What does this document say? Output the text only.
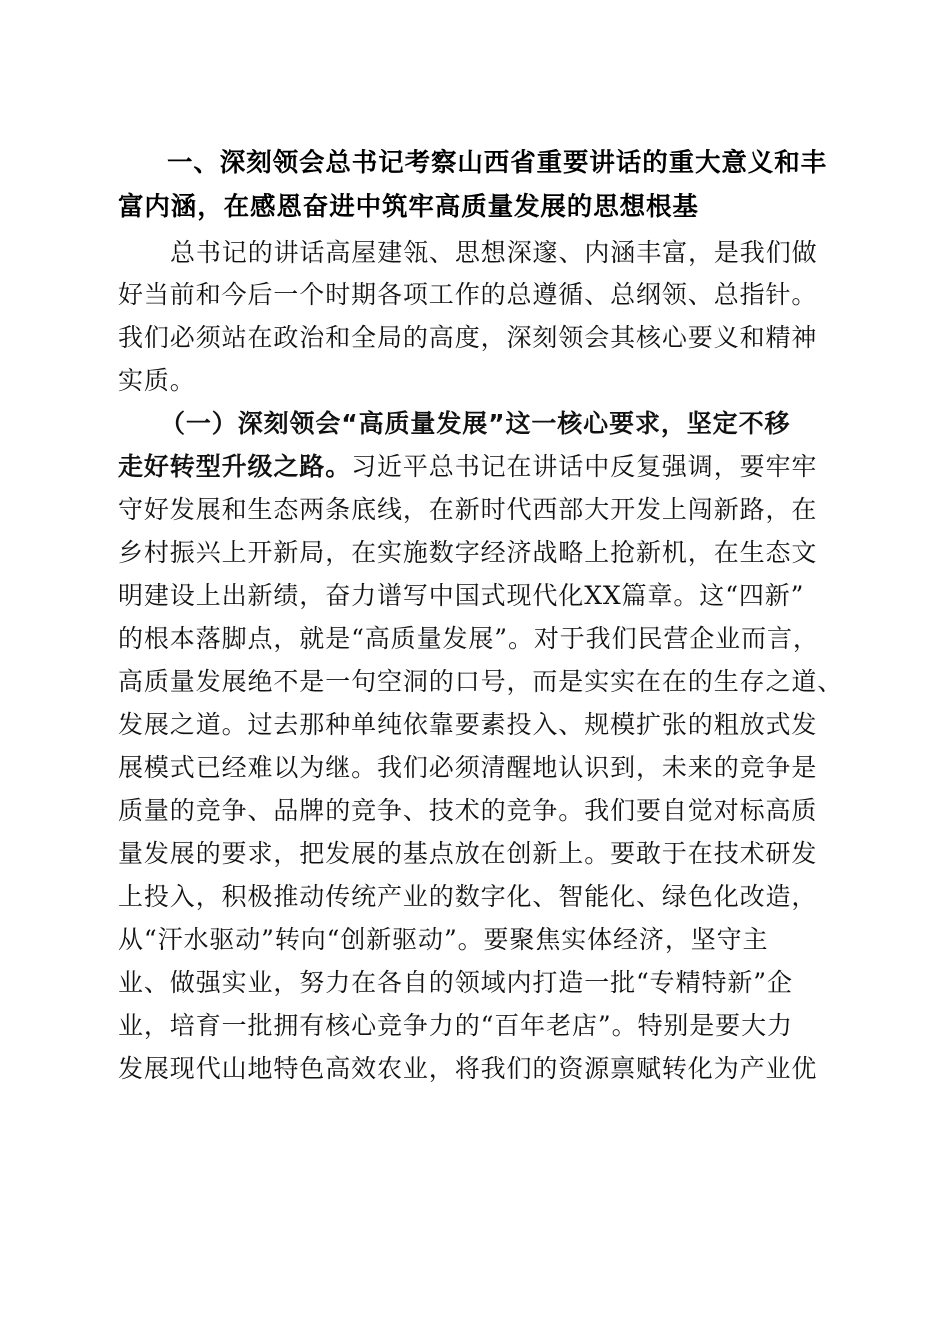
一、深刻领会总书记考察山西省重要讲话的重大意义和丰
富内涵，在感恩奋进中筑牢高质量发展的思想根基
总书记的讲话高屋建瓴、思想深邃、内涵丰富，是我们做
好当前和今后一个时期各项工作的总遵循、总纲领、总指针。
我们必须站在政治和全局的高度，深刻领会其核心要义和精神
实质。
（一）深刻领会“高质量发展”这一核心要求，坚定不移
走好转型升级之路。习近平总书记在讲话中反复强调，要牢牢
守好发展和生态两条底线，在新时代西部大开发上闯新路，在
乡村振兴上开新局，在实施数字经济战略上抢新机，在生态文
明建设上出新绩，奋力谱写中国式现代化XX篇章。这“四新”
的根本落脚点，就是“高质量发展”。对于我们民营企业而言，
高质量发展绝不是一句空洞的口号，而是实实在在的生存之道、
发展之道。过去那种单纯依靠要素投入、规模扩张的粗放式发
展模式已经难以为继。我们必须清醒地认识到，未来的竞争是
质量的竞争、品牌的竞争、技术的竞争。我们要自觉对标高质
量发展的要求，把发展的基点放在创新上。要敢于在技术研发
上投入，积极推动传统产业的数字化、智能化、绿色化改造，
从“汗水驱动”转向“创新驱动”。要聚焦实体经济，坚守主
业、做强实业，努力在各自的领域内打造一批“专精特新”企
业，培育一批拥有核心竞争力的“百年老店”。特别是要大力
发展现代山地特色高效农业，将我们的资源禀赋转化为产业优
